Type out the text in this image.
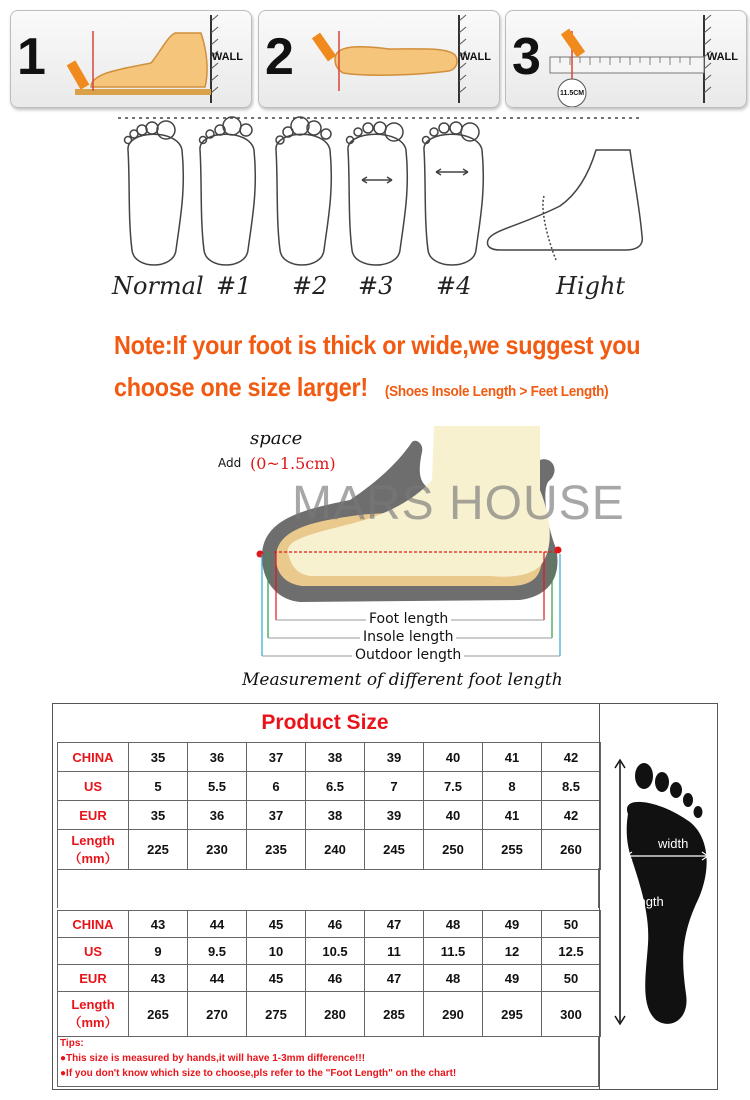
1	WALL 2	WALL 3
11.5CM
WALL
Normal #1 #2 #3 #4	Hight
Note:If your foot is thick or wide,we suggest you
choose one size larger! (Shoes Insole Length > Feet Length)
space
Add (0~1.5cm)
MARS HOUSE
Foot length
Insole length
Outdoor length
Measurement of different foot length
Product Size
CHINA	35	36	37	38	39	40	41	42
US	5	5.5	6	6.5	7	7.5	8	8.5
EUR	35	36	37	38	39	40	41	42

Length
（mm）	225	230	235	240	245	250	255	260
CHINA	43	44	45	46	47	48	49	50
US	9	9.5	10	10.5	11	11.5	12	12.5
EUR	43	44	45	46	47	48	49	50

Length
（mm）	265	270	275	280	285	290	295	300
Tips:
●This size is measured by hands,it will have 1-3mm difference!!!
●If you don't know which size to choose,pls refer to the "Foot Length" on the chart!
width
Length
